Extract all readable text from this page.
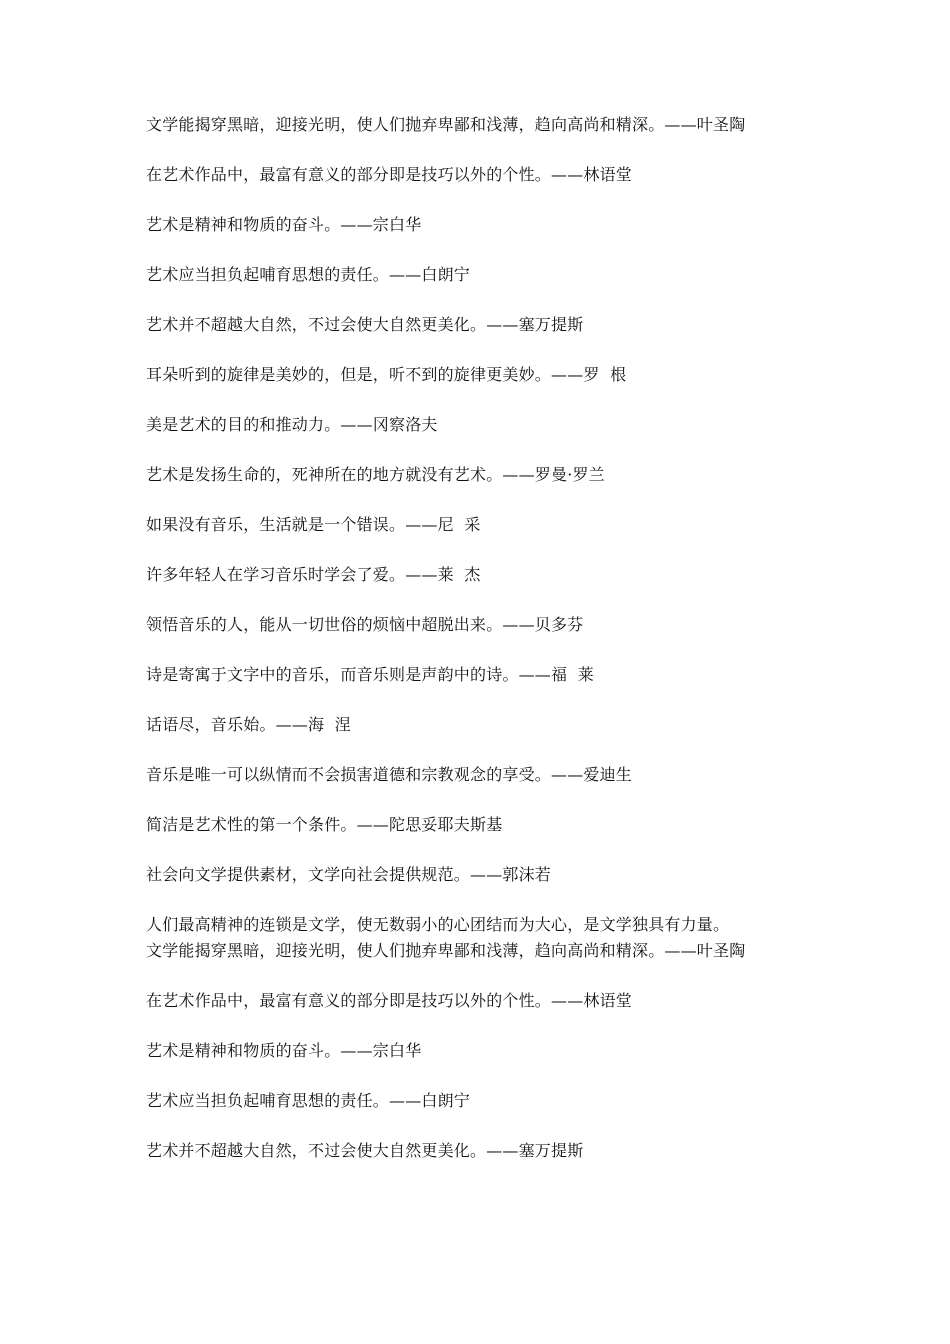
文学能揭穿黑暗，迎接光明，使人们抛弃卑鄙和浅薄，趋向高尚和精深。——叶圣陶

在艺术作品中，最富有意义的部分即是技巧以外的个性。——林语堂

艺术是精神和物质的奋斗。——宗白华

艺术应当担负起哺育思想的责任。——白朗宁

艺术并不超越大自然，不过会使大自然更美化。——塞万提斯

耳朵听到的旋律是美妙的，但是，听不到的旋律更美妙。——罗  根

美是艺术的目的和推动力。——冈察洛夫

艺术是发扬生命的，死神所在的地方就没有艺术。——罗曼·罗兰

如果没有音乐，生活就是一个错误。——尼  采

许多年轻人在学习音乐时学会了爱。——莱  杰

领悟音乐的人，能从一切世俗的烦恼中超脱出来。——贝多芬

诗是寄寓于文字中的音乐，而音乐则是声韵中的诗。——福  莱

话语尽，音乐始。——海  涅

音乐是唯一可以纵情而不会损害道德和宗教观念的享受。——爱迪生

简洁是艺术性的第一个条件。——陀思妥耶夫斯基

社会向文学提供素材，文学向社会提供规范。——郭沫若

人们最高精神的连锁是文学，使无数弱小的心团结而为大心，是文学独具有力量。

文学能揭穿黑暗，迎接光明，使人们抛弃卑鄙和浅薄，趋向高尚和精深。——叶圣陶

在艺术作品中，最富有意义的部分即是技巧以外的个性。——林语堂

艺术是精神和物质的奋斗。——宗白华

艺术应当担负起哺育思想的责任。——白朗宁

艺术并不超越大自然，不过会使大自然更美化。——塞万提斯
